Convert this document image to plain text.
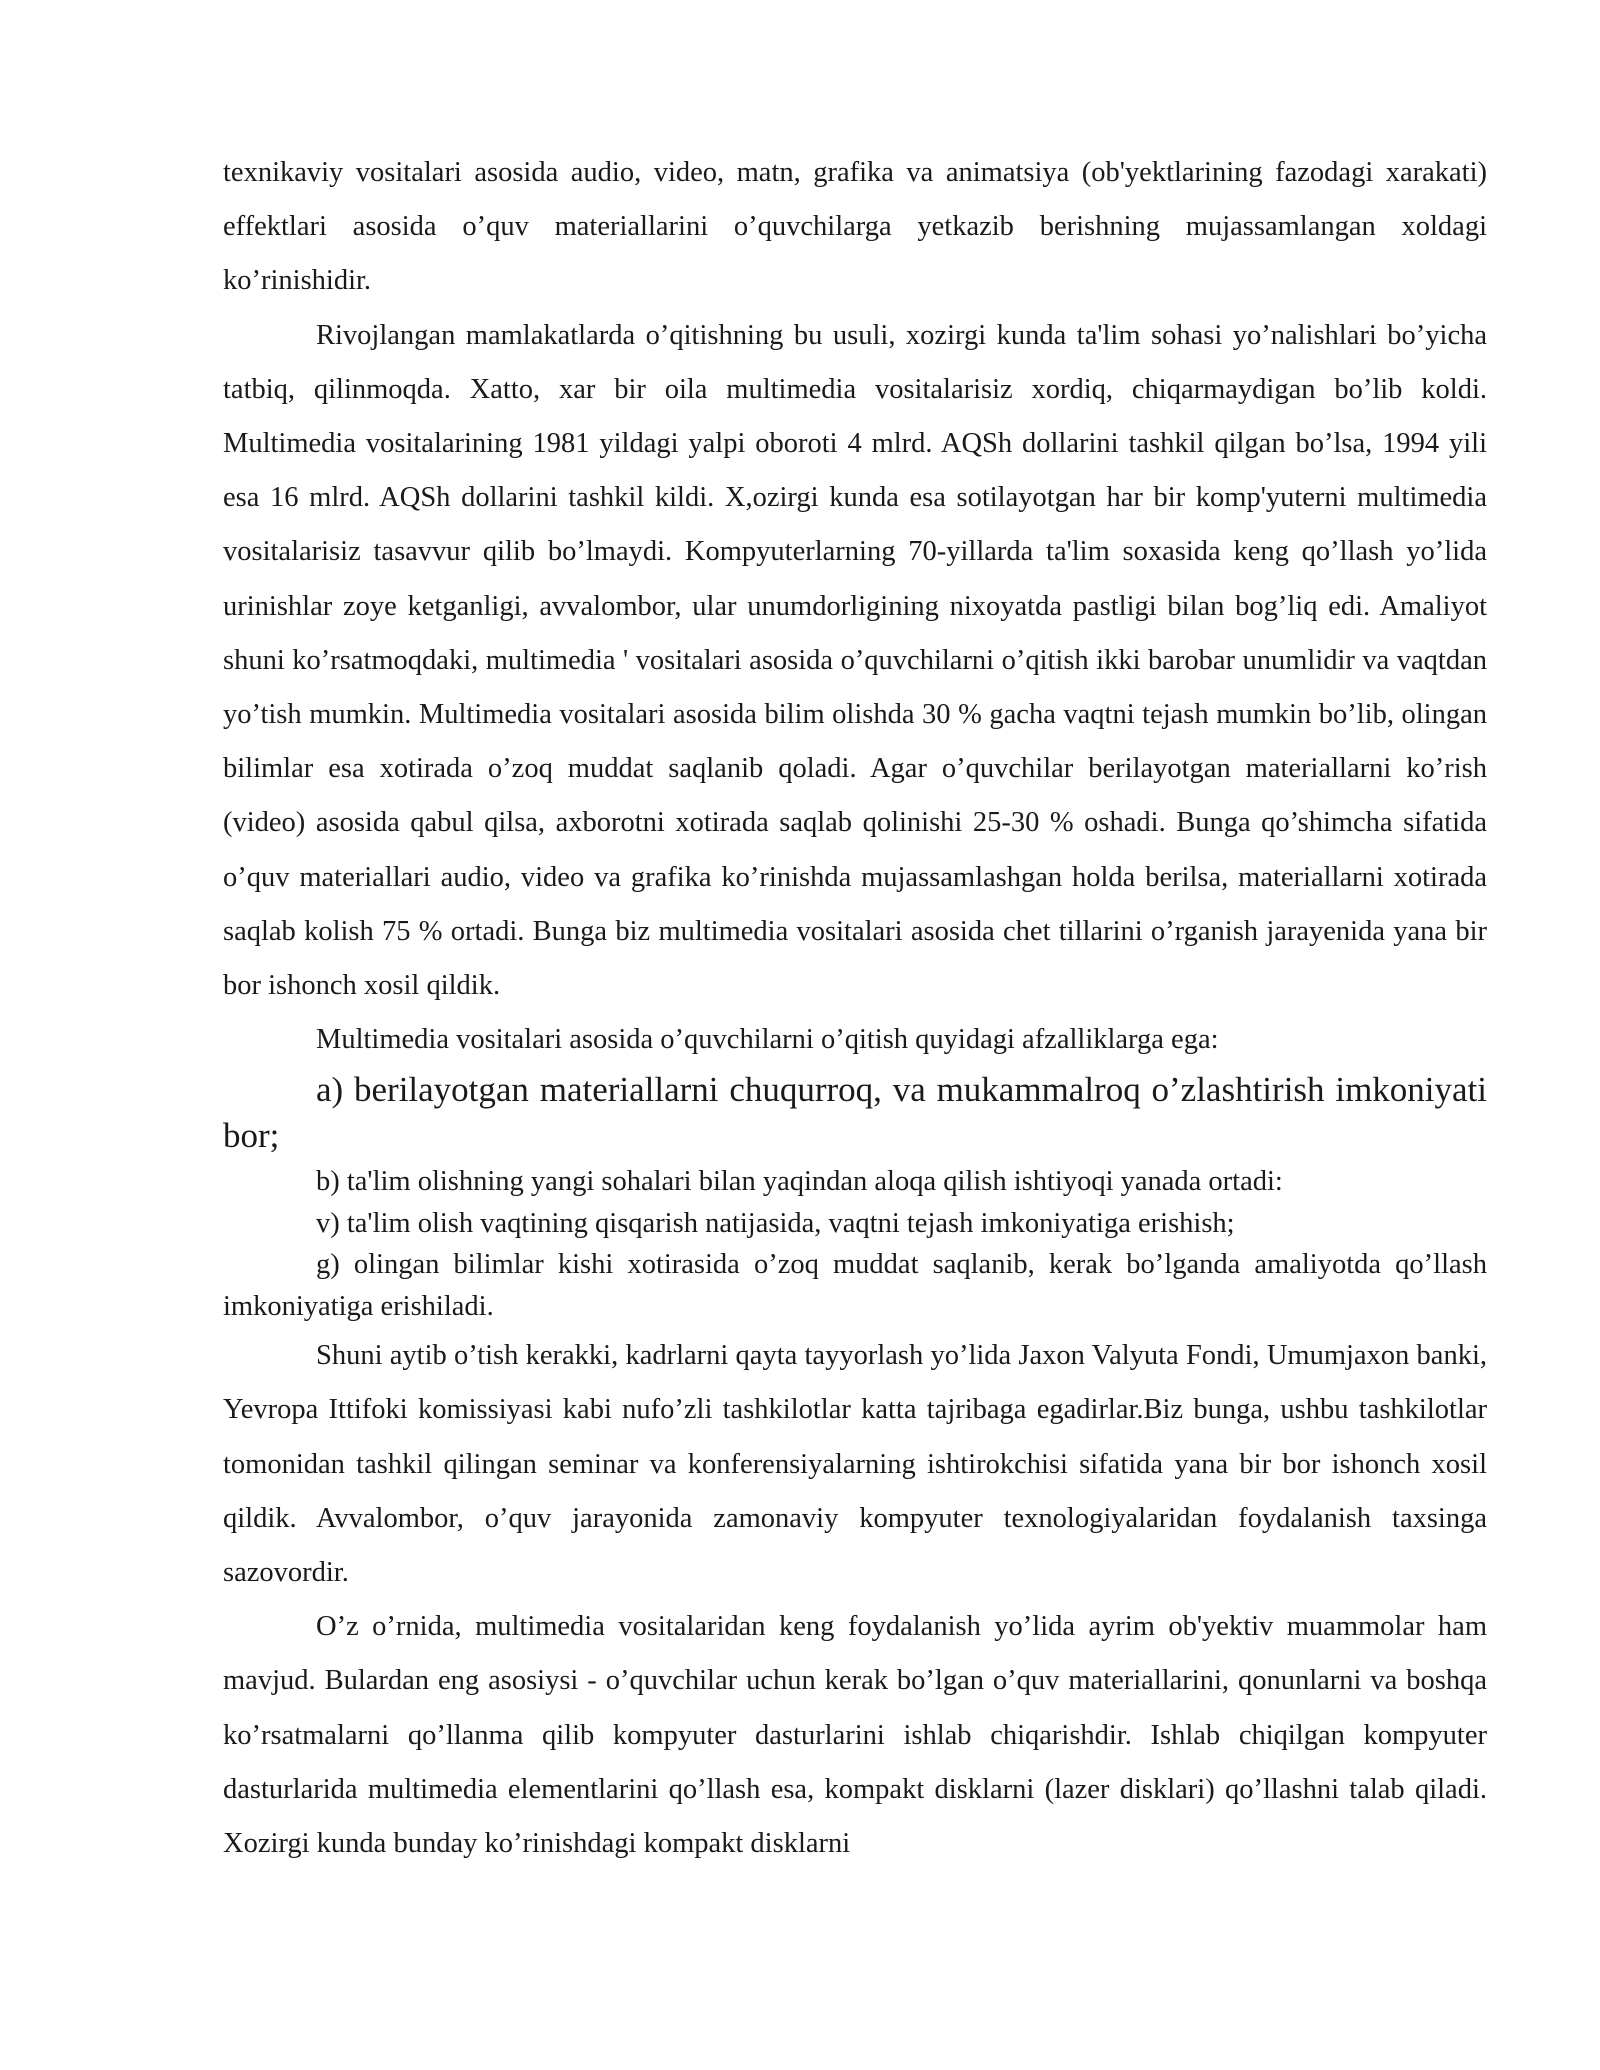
texnikaviy vositalari asosida audio, video, matn, grafika va animatsiya (ob'yektlarining fazodagi xarakati) effektlari asosida o’quv materiallarini o’quvchilarga yetkazib berishning mujassamlangan xoldagi ko’rinishidir.

Rivojlangan mamlakatlarda o’qitishning bu usuli, xozirgi kunda ta'lim sohasi yo’nalishlari bo’yicha tatbiq, qilinmoqda. Xatto, xar bir oila multimedia vositalarisiz xordiq, chiqarmaydigan bo’lib koldi. Multimedia vositalarining 1981 yildagi yalpi oboroti 4 mlrd. AQSh dollarini tashkil qilgan bo’lsa, 1994 yili esa 16 mlrd. AQSh dollarini tashkil kildi. X,ozirgi kunda esa sotilayotgan har bir komp'yuterni multimedia vositalarisiz tasavvur qilib bo’lmaydi. Kompyuterlarning 70-yillarda ta'lim soxasida keng qo’llash yo’lida urinishlar zoye ketganligi, avvalombor, ular unumdorligining nixoyatda pastligi bilan bog’liq edi. Amaliyot shuni ko’rsatmoqdaki, multimedia ' vositalari asosida o’quvchilarni o’qitish ikki barobar unumlidir va vaqtdan yo’tish mumkin. Multimedia vositalari asosida bilim olishda 30 % gacha vaqtni tejash mumkin bo’lib, olingan bilimlar esa xotirada o’zoq muddat saqlanib qoladi. Agar o’quvchilar berilayotgan materiallarni ko’rish (video) asosida qabul qilsa, axborotni xotirada saqlab qolinishi 25-30 % oshadi. Bunga qo’shimcha sifatida o’quv materiallari audio, video va grafika ko’rinishda mujassamlashgan holda berilsa, materiallarni xotirada saqlab kolish 75 % ortadi. Bunga biz multimedia vositalari asosida chet tillarini o’rganish jarayenida yana bir bor ishonch xosil qildik.

Multimedia vositalari asosida o’quvchilarni o’qitish quyidagi afzalliklarga ega:

a) berilayotgan materiallarni chuqurroq, va mukammalroq o’zlashtirish imkoniyati bor;

b) ta'lim olishning yangi sohalari bilan yaqindan aloqa qilish ishtiyoqi yanada ortadi:

v) ta'lim olish vaqtining qisqarish natijasida, vaqtni tejash imkoniyatiga erishish;

g) olingan bilimlar kishi xotirasida o’zoq muddat saqlanib, kerak bo’lganda amaliyotda qo’llash imkoniyatiga erishiladi.

Shuni aytib o’tish kerakki, kadrlarni qayta tayyorlash yo’lida Jaxon Valyuta Fondi, Umumjaxon banki, Yevropa Ittifoki komissiyasi kabi nufo’zli tashkilotlar katta tajribaga egadirlar.Biz bunga, ushbu tashkilotlar tomonidan tashkil qilingan seminar va konferensiyalarning ishtirokchisi sifatida yana bir bor ishonch xosil qildik. Avvalombor, o’quv jarayonida zamonaviy kompyuter texnologiyalaridan foydalanish taxsinga sazovordir.

O’z o’rnida, multimedia vositalaridan keng foydalanish yo’lida ayrim ob'yektiv muammolar ham mavjud. Bulardan eng asosiysi - o’quvchilar uchun kerak bo’lgan o’quv materiallarini, qonunlarni va boshqa ko’rsatmalarni qo’llanma qilib kompyuter dasturlarini ishlab chiqarishdir. Ishlab chiqilgan kompyuter dasturlarida multimedia elementlarini qo’llash esa, kompakt disklarni (lazer disklari) qo’llashni talab qiladi. Xozirgi kunda bunday ko’rinishdagi kompakt disklarni
